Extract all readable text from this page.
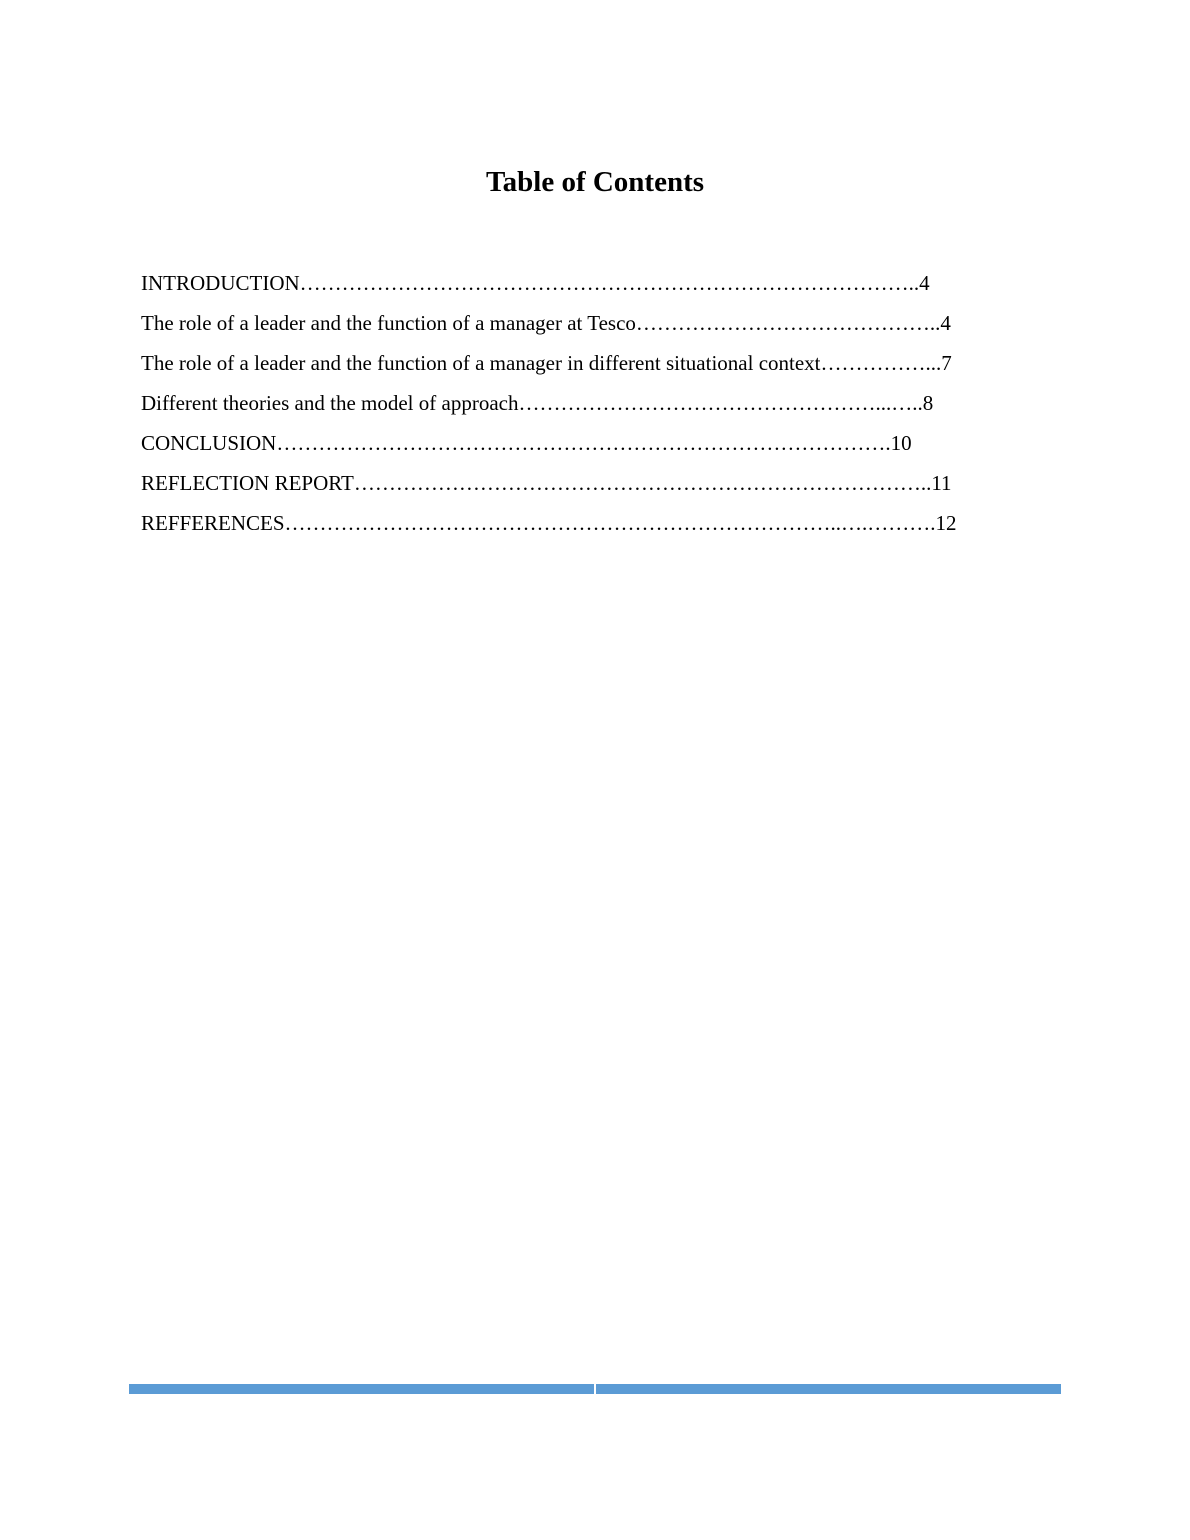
Table of Contents
INTRODUCTION……………………………………………………………………………..4
The role of a leader and the function of a manager at Tesco……………………………………..4
The role of a leader and the function of a manager in different situational context……………...7
Different theories and the model of approach……………………………………………...…..8
CONCLUSION…………………………………………………………………………….10
REFLECTION REPORT………………………………………………………………………..11
REFFERENCES……………………………………………………………………..….……….12
